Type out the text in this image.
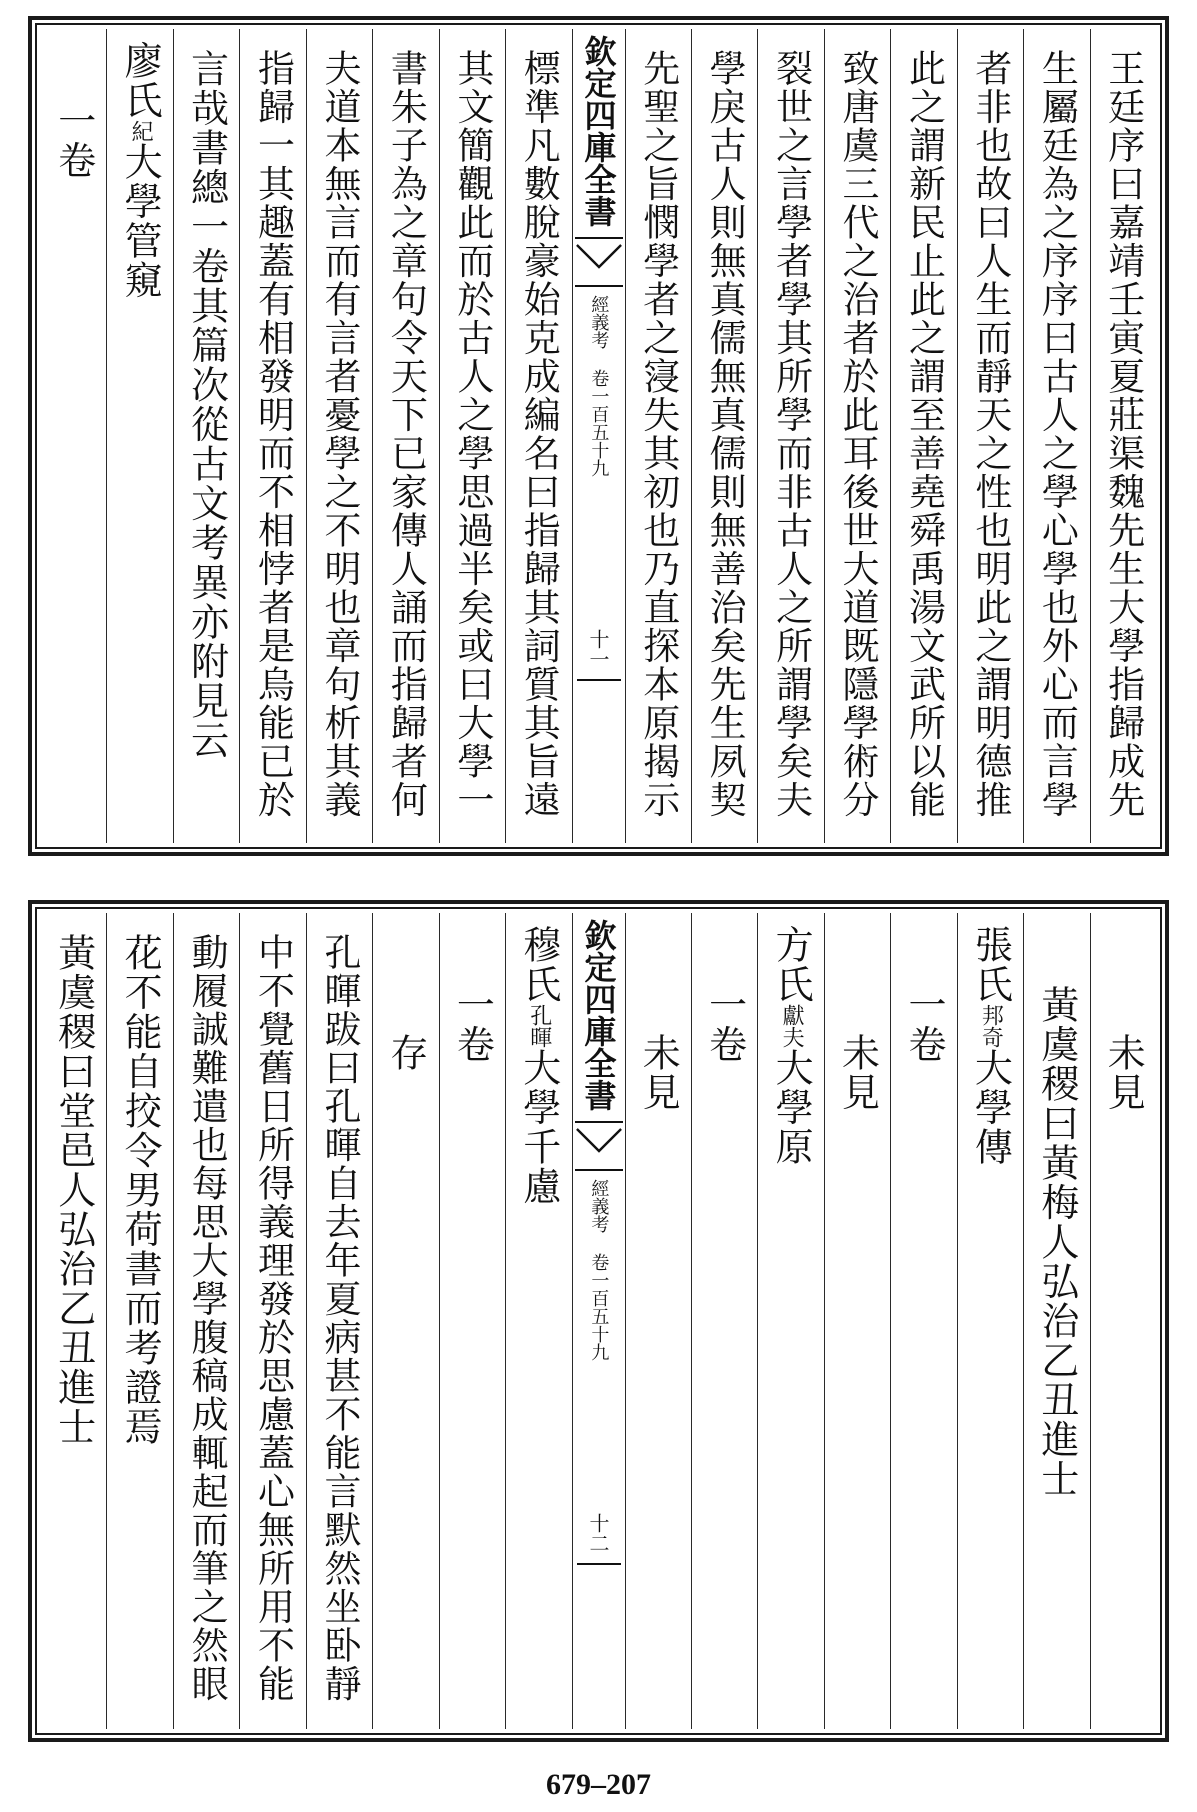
王廷序曰嘉靖壬寅夏莊渠魏先生大學指歸成先
生屬廷為之序序曰古人之學心學也外心而言學
者非也故曰人生而靜天之性也明此之謂明德推
此之謂新民止此之謂至善堯舜禹湯文武所以能
致唐虞三代之治者於此耳後世大道既隱學術分
裂世之言學者學其所學而非古人之所謂學矣夫
學戾古人則無真儒無真儒則無善治矣先生夙契
先聖之旨憫學者之寖失其初也乃直探本原揭示
欽定四庫全書
經義考
卷一百五十九
十一
標準凡數脫豪始克成編名曰指歸其詞質其旨遠
其文簡觀此而於古人之學思過半矣或曰大學一
書朱子為之章句令天下已家傳人誦而指歸者何
夫道本無言而有言者憂學之不明也章句析其義
指歸一其趣蓋有相發明而不相悖者是烏能已於
言哉書總一卷其篇次從古文考異亦附見云
廖氏紀大學管窺
一卷
未見
黃虞稷曰黃梅人弘治乙丑進士
張氏邦奇大學傳
一卷
未見
方氏獻夫大學原
一卷
未見
欽定四庫全書
經義考
卷一百五十九
十二
穆氏孔暉大學千慮
一卷
存
孔暉跋曰孔暉自去年夏病甚不能言默然坐卧靜
中不覺舊日所得義理發於思慮蓋心無所用不能
動履誠難遣也每思大學腹稿成輒起而筆之然眼
花不能自挍令男荷書而考證焉
黃虞稷曰堂邑人弘治乙丑進士
679–207
